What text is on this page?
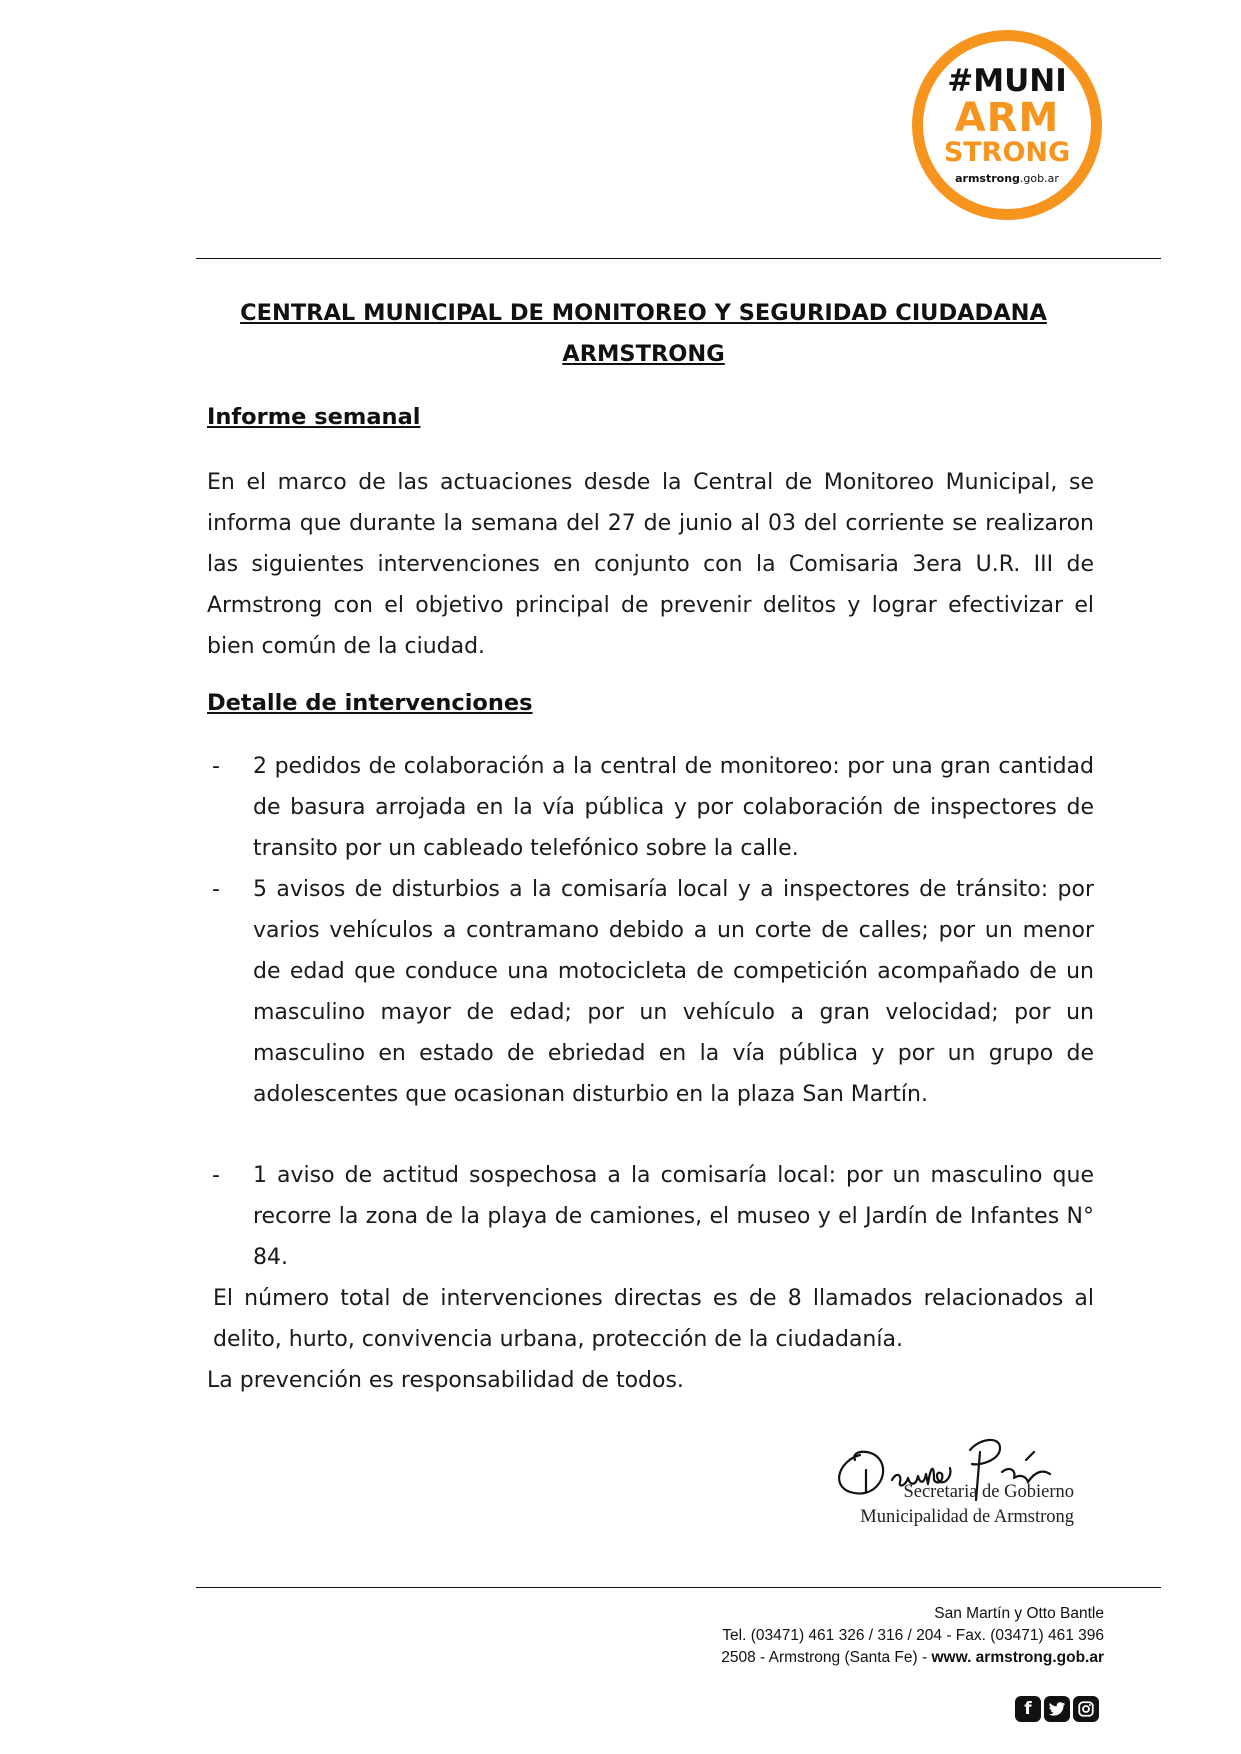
#MUNI
ARM
STRONG
armstrong.gob.ar
CENTRAL MUNICIPAL DE MONITOREO Y SEGURIDAD CIUDADANA
ARMSTRONG
Informe semanal
En el marco de las actuaciones desde la Central de Monitoreo Municipal, se informa que durante la semana del 27 de junio al 03 del corriente se realizaron las siguientes intervenciones en conjunto con la Comisaria 3era U.R. III de Armstrong con el objetivo principal de prevenir delitos y lograr efectivizar el bien común de la ciudad.
Detalle de intervenciones
- 2 pedidos de colaboración a la central de monitoreo: por una gran cantidad de basura arrojada en la vía pública y por colaboración de inspectores de transito por un cableado telefónico sobre la calle.
- 5 avisos de disturbios a la comisaría local y a inspectores de tránsito: por varios vehículos a contramano debido a un corte de calles; por un menor de edad que conduce una motocicleta de competición acompañado de un masculino mayor de edad; por un vehículo a gran velocidad; por un masculino en estado de ebriedad en la vía pública y por un grupo de adolescentes que ocasionan disturbio en la plaza San Martín.
- 1 aviso de actitud sospechosa a la comisaría local: por un masculino que recorre la zona de la playa de camiones, el museo y el Jardín de Infantes N° 84.
El número total de intervenciones directas es de 8 llamados relacionados al delito, hurto, convivencia urbana, protección de la ciudadanía.
La prevención es responsabilidad de todos.
Secretaria de Gobierno
Municipalidad de Armstrong
San Martín y Otto Bantle
Tel. (03471) 461 326 / 316 / 204 - Fax. (03471) 461 396
2508 - Armstrong (Santa Fe) - www. armstrong.gob.ar
f
